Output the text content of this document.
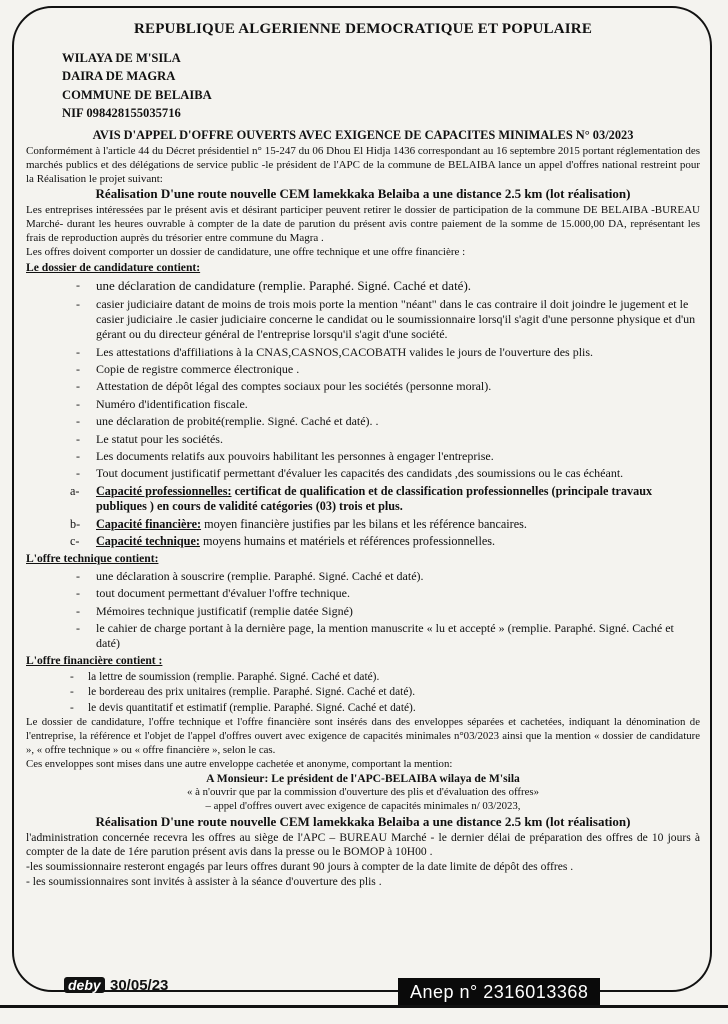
REPUBLIQUE ALGERIENNE DEMOCRATIQUE ET POPULAIRE
WILAYA DE M'SILA
DAIRA DE MAGRA
COMMUNE DE BELAIBA
NIF 098428155035716
AVIS D'APPEL D'OFFRE OUVERTS AVEC EXIGENCE DE CAPACITES MINIMALES N° 03/2023

Conformément à l'article 44 du Décret présidentiel n° 15-247 du 06 Dhou El Hidja 1436 correspondant au 16 septembre 2015 portant réglementation des marchés publics et des délégations de service public -le président de l'APC de la commune de BELAIBA lance un appel d'offres national restreint pour la Réalisation le projet suivant:

Réalisation D'une route nouvelle CEM lamekkaka Belaiba a une distance 2.5 km (lot réalisation)

Les entreprises intéressées par le présent avis et désirant participer peuvent retirer le dossier de participation de la commune DE BELAIBA -BUREAU Marché- durant les heures ouvrable à compter de la date de parution du présent avis contre paiement de la somme de 15.000,00 DA, représentant les frais de reproduction auprès du trésorier entre commune du Magra .

Les offres doivent comporter un dossier de candidature, une offre technique et une offre financière :

Le dossier de candidature contient:
- une déclaration de candidature (remplie. Paraphé. Signé. Caché et daté).
- casier judiciaire datant de moins de trois mois porte la mention "néant" dans le cas contraire il doit joindre le jugement et le casier judiciaire .le casier judiciaire concerne le candidat ou le soumissionnaire lorsq'il s'agit d'une personne physique et d'un gérant ou du directeur général de l'entreprise lorsqu'il s'agit d'une société.
- Les attestations d'affiliations à la CNAS,CASNOS,CACOBATH valides le jours de l'ouverture des plis.
- Copie de registre commerce électronique .
- Attestation de dépôt légal des comptes sociaux pour les sociétés (personne moral).
- Numéro d'identification fiscale.
- une déclaration de probité(remplie. Signé. Caché et daté). .
- Le statut pour les sociétés.
- Les documents relatifs aux pouvoirs habilitant les personnes à engager l'entreprise.
- Tout document justificatif permettant d'évaluer les capacités des candidats ,des soumissions ou le cas échéant.
a- Capacité professionnelles: certificat de qualification et de classification professionnelles (principale travaux publiques ) en cours de validité catégories (03) trois et plus.
b- Capacité financière: moyen financière justifies par les bilans et les référence bancaires.
c- Capacité technique: moyens humains et matériels et références professionnelles.
L'offre technique contient:
- une déclaration à souscrire (remplie. Paraphé. Signé. Caché et daté).
- tout document permettant d'évaluer l'offre technique.
- Mémoires technique justificatif (remplie datée Signé)
- le cahier de charge portant à la dernière page, la mention manuscrite « lu et accepté » (remplie. Paraphé. Signé. Caché et daté)
L'offre financière contient :
- la lettre de soumission (remplie. Paraphé. Signé. Caché et daté).
- le bordereau des prix unitaires (remplie. Paraphé. Signé. Caché et daté).
- le devis quantitatif et estimatif (remplie. Paraphé. Signé. Caché et daté).

Le dossier de candidature, l'offre technique et l'offre financière sont insérés dans des enveloppes séparées et cachetées, indiquant la dénomination de l'entreprise, la référence et l'objet de l'appel d'offres ouvert avec exigence de capacités minimales n°03/2023 ainsi que la mention « dossier de candidature », « offre technique » ou « offre financière », selon le cas.

Ces enveloppes sont mises dans une autre enveloppe cachetée et anonyme, comportant la mention:

A Monsieur: Le président de l'APC-BELAIBA wilaya de M'sila

« à n'ouvrir que par la commission d'ouverture des plis et d'évaluation des offres»

– appel d'offres ouvert avec exigence de capacités minimales n/ 03/2023,

Réalisation D'une route nouvelle CEM lamekkaka Belaiba a une distance 2.5 km (lot réalisation)

l'administration concernée recevra les offres au siège de l'APC – BUREAU Marché - le dernier délai de préparation des offres de 10 jours à compter de la date de 1ére parution présent avis dans la presse ou le BOMOP à 10H00 .

-les soumissionnaire resteront engagés par leurs offres durant 90 jours à compter de la date limite de dépôt des offres .

- les soumissionnaires sont invités à assister à la séance d'ouverture des plis .

deby 30/05/23	Anep n° 2316013368
